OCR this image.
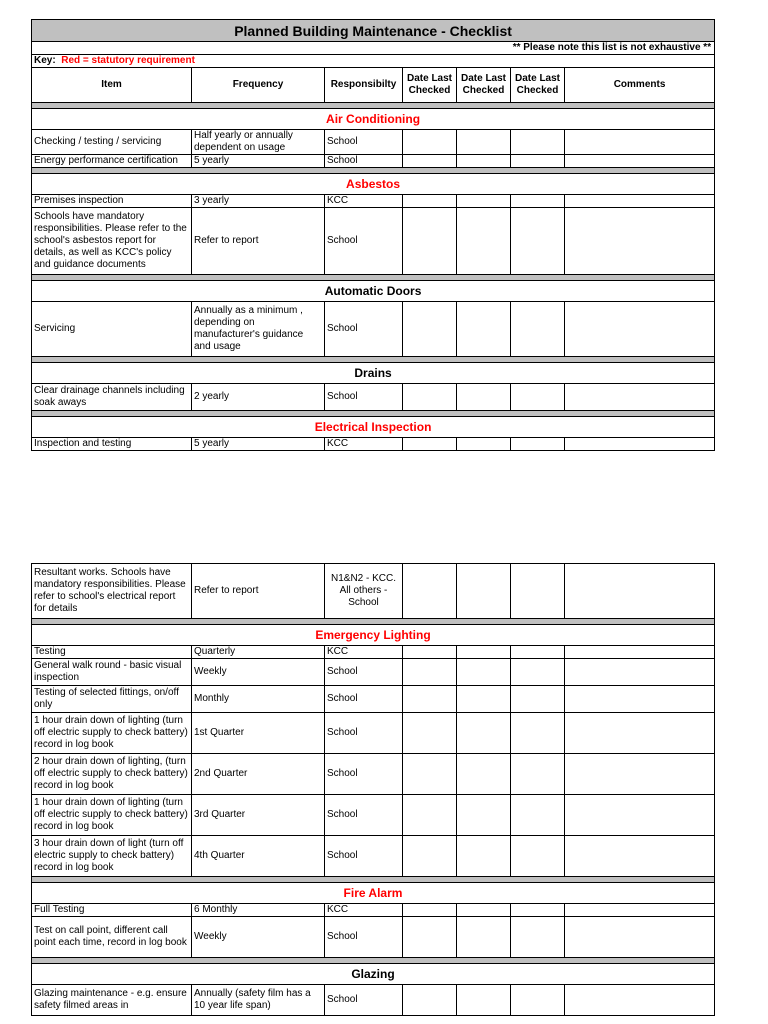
Planned Building Maintenance - Checklist						
** Please note this list is not exhaustive **						
Key: Red = statutory requirement						
Item	Frequency	Responsibilty	Date Last Checked	Date Last Checked	Date Last Checked	Comments

Air Conditioning						
Checking / testing / servicing	Half yearly or annually dependent on usage	School				
Energy performance certification	5 yearly	School				

Asbestos						
Premises inspection	3 yearly	KCC				
Schools have mandatory responsibilities. Please refer to the school's asbestos report for details, as well as KCC's policy and guidance documents	Refer to report	School				

Automatic Doors						
Servicing	Annually as a minimum , depending on manufacturer's guidance and usage	School				

Drains						
Clear drainage channels including soak aways	2 yearly	School				

Electrical Inspection						
Inspection and testing	5 yearly	KCC				
Resultant works. Schools have mandatory responsibilities. Please refer to school's electrical report for details	Refer to report	N1&N2 - KCC. All others - School				

Emergency Lighting						
Testing	Quarterly	KCC				
General walk round - basic visual inspection	Weekly	School				
Testing of selected fittings, on/off only	Monthly	School				
1 hour drain down of lighting (turn off electric supply to check battery) record in log book	1st Quarter	School				
2 hour drain down of lighting, (turn off electric supply to check battery) record in log book	2nd Quarter	School				
1 hour drain down of lighting (turn off electric supply to check battery) record in log book	3rd Quarter	School				
3 hour drain down of light (turn off electric supply to check battery) record in log book	4th Quarter	School				

Fire Alarm						
Full Testing	6 Monthly	KCC				
Test on call point, different call point each time, record in log book	Weekly	School				

Glazing						
Glazing maintenance - e.g. ensure safety filmed areas in	Annually (safety film has a 10 year life span)	School				
